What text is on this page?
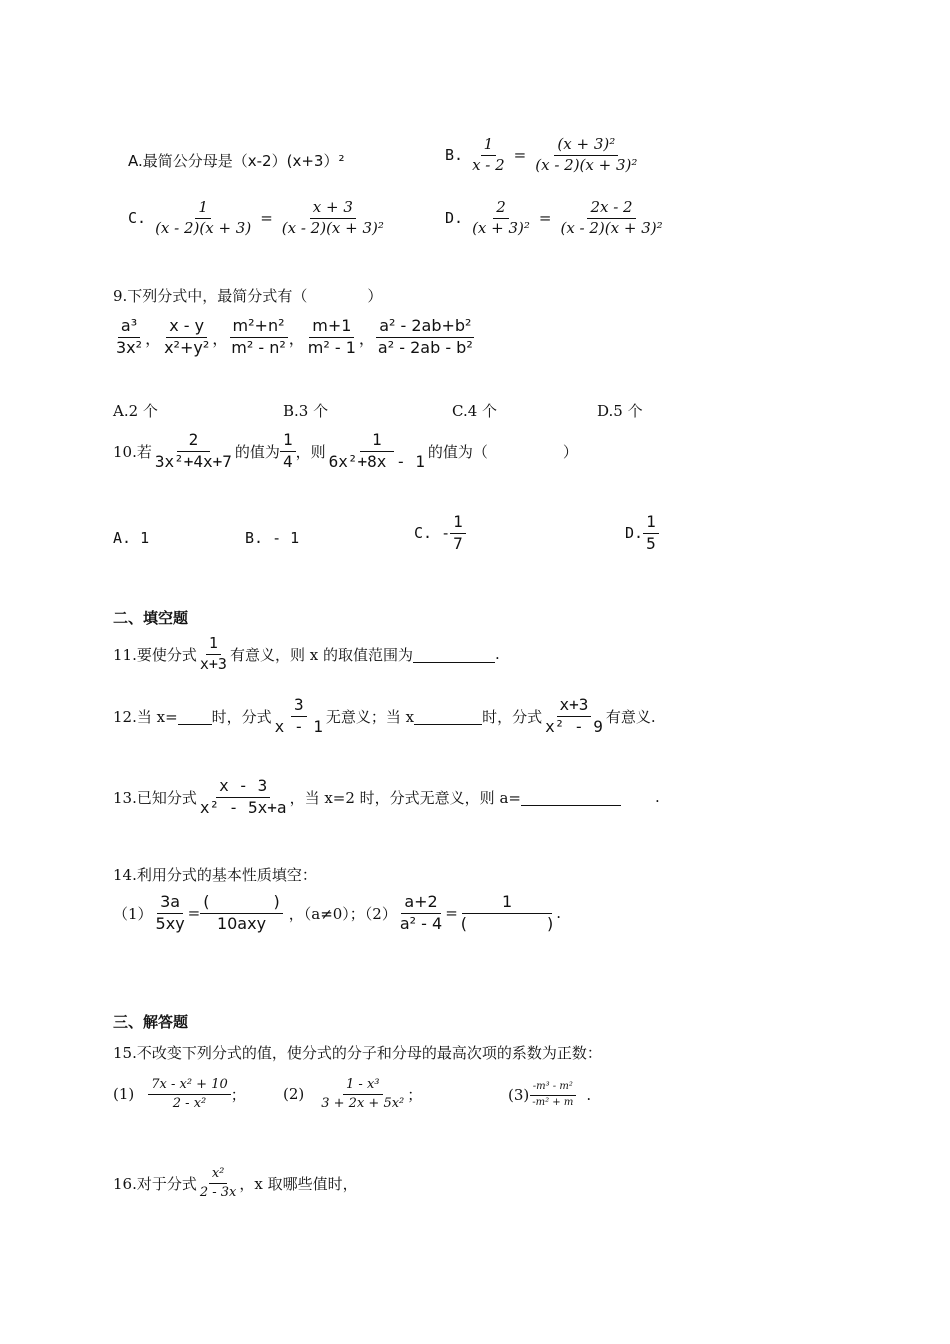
A.最简公分母是（x-2）(x+3）²	B. $\frac{1}{x - 2} = \frac{\text{(x + 3)²}}{\text{(x - 2)(x + 3)²}}$
C. $\frac{1}{(x - 2)(x + 3)} = \frac{x + 3}{\text{(x - 2)(x + 3)²}}$	D. $\frac{2}{\text{(x + 3)²}} = \frac{2x - 2}{\text{(x - 2)(x + 3)²}}$
9.下列分式中，最简分式有（　　　　）
$\frac{\text{a³}}{\text{3x²}}$ ， $\frac{x - y}{\text{x²+y²}}$ ， $\frac{\text{m²+n²}}{\text{m² - n²}}$ ， $\frac{m+1}{\text{m² - 1}}$ ， $\frac{\text{a² - 2ab+b²}}{\text{a² - 2ab - b²}}$
A.2 个	B.3 个	C.4 个	D.5 个
10.若 $\frac{2}{\text{3x²+4x+7}}$ 的值为 $\frac{1}{4}$ ，则 $\frac{1}{\text{6x²+8x - 1}}$ 的值为（　　　　　）
A. 1	B. - 1	C. - $\frac{1}{7}$	D. $\frac{1}{5}$
二、填空题
11.要使分式 $\frac{1}{x+3}$ 有意义，则 x 的取值范围为	.
12.当 x= 时，分式 $\frac{3}{x - 1}$ 无意义；当 x	时，分式 $\frac{x+3}{\text{x² - 9}}$ 有意义.
13.已知分式 $\frac{x - 3}{\text{x² - 5x+a}}$ ，当 x=2 时，分式无意义，则 a=	.
14.利用分式的基本性质填空：
$(1) \frac{3a}{5xy} = \frac{( )}{\text{10axy}}$ ，（a≠0）；$(2) \frac{a+2}{\text{a² - 4}} = \frac{1}{( )}$ .
三、解答题
15.不改变下列分式的值，使分式的分子和分母的最高次项的系数为正数：
$(1) \frac{\text{7x - x² + 10}}{\text{2 - x²}}$ ； $(2) \frac{\text{1 - x³}}{\text{3 + 2x + 5x²}}$ ；	$(3) \frac{\text{-m³ - m²}}{\text{-m² + m}}$ .
16.对于分式 $\frac{\text{x²}}{2 - 3x}$ ，x 取哪些值时，
